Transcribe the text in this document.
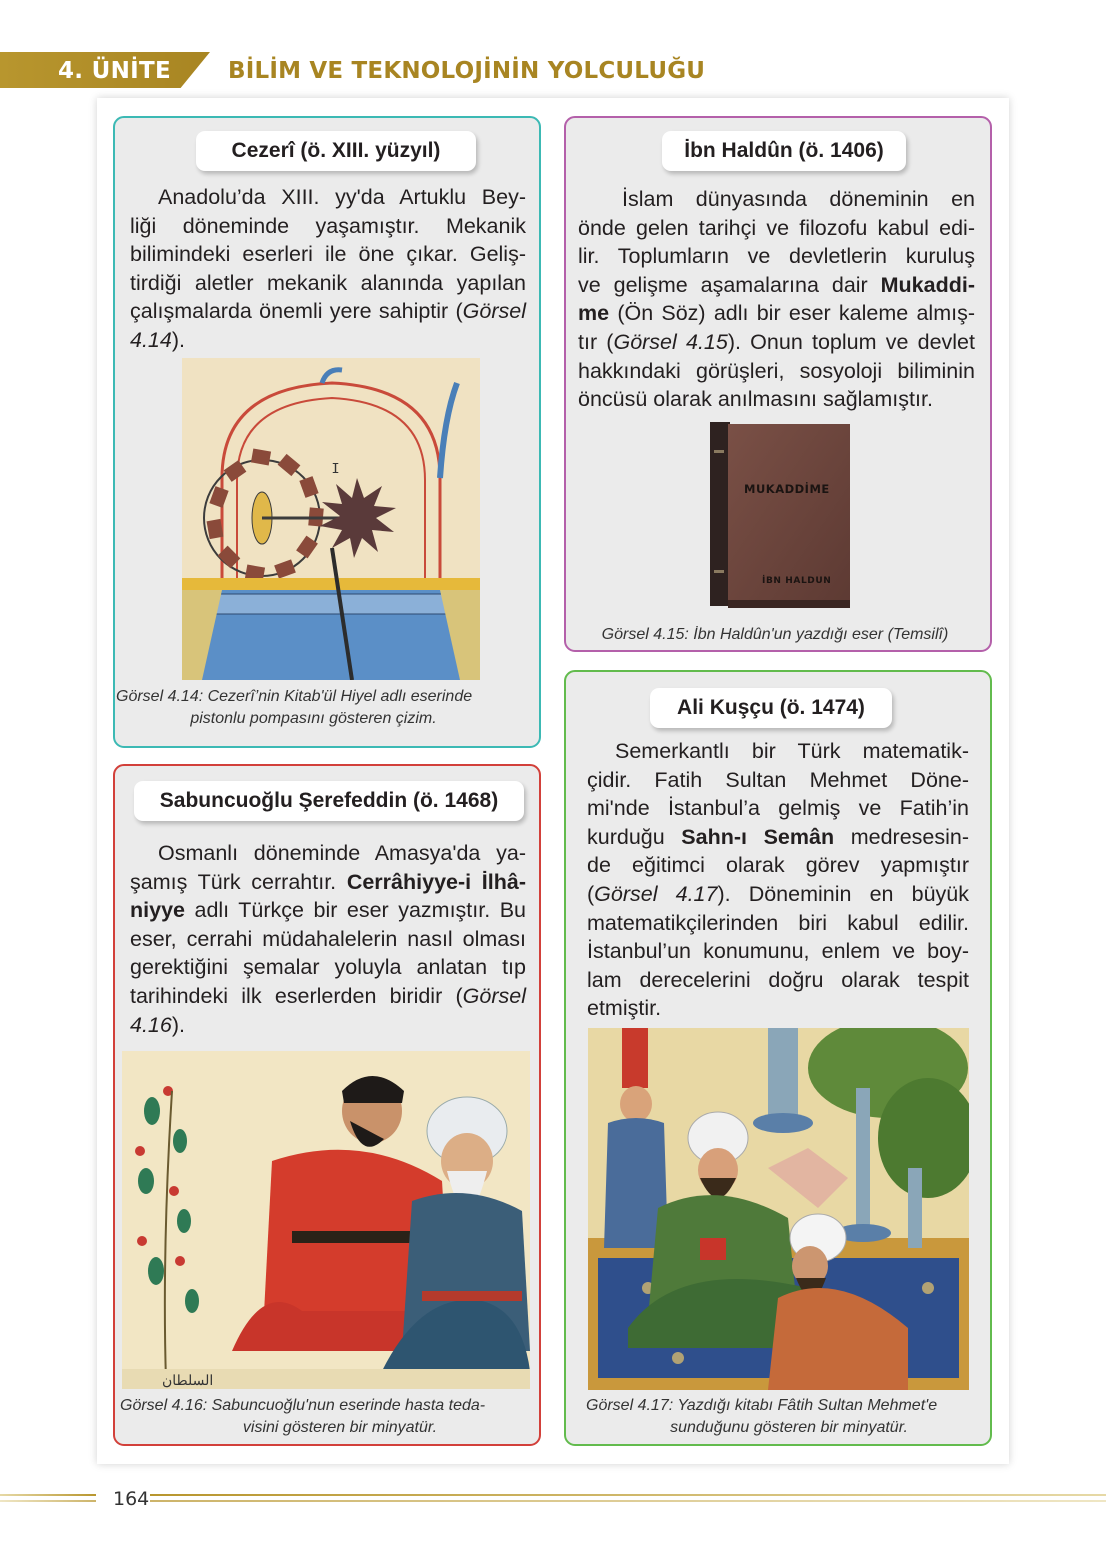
4. ÜNİTE BİLİM VE TEKNOLOJİNİN YOLCULUĞU
Cezerî (ö. XIII. yüzyıl)
Anadolu’da XIII. yy'da Artuklu Bey-
liği döneminde yaşamıştır. Mekanik
bilimindeki eserleri ile öne çıkar. Geliş-
tirdiği aletler mekanik alanında yapılan
çalışmalarda önemli yere sahiptir (Görsel
4.14).
ⵊ
Görsel 4.14: Cezerî’nin Kitab'ül Hiyel adlı eserinde
pistonlu pompasını gösteren çizim.
İbn Haldûn (ö. 1406)
İslam dünyasında döneminin en
önde gelen tarihçi ve filozofu kabul edi-
lir. Toplumların ve devletlerin kuruluş
ve gelişme aşamalarına dair Mukaddi-
me (Ön Söz) adlı bir eser kaleme almış-
tır (Görsel 4.15). Onun toplum ve devlet
hakkındaki görüşleri, sosyoloji biliminin
öncüsü olarak anılmasını sağlamıştır.
MUKADDİME
İBN HALDUN
Görsel 4.15: İbn Haldûn'un yazdığı eser (Temsilî)
Sabuncuoğlu Şerefeddin (ö. 1468)
Osmanlı döneminde Amasya'da ya-
şamış Türk cerrahtır. Cerrâhiyye-i İlhâ-
niyye adlı Türkçe bir eser yazmıştır. Bu
eser, cerrahi müdahalelerin nasıl olması
gerektiğini şemalar yoluyla anlatan tıp
tarihindeki ilk eserlerden biridir (Görsel
4.16).
ﺍﻟﺴﻠﻄﺎﻥ
Görsel 4.16: Sabuncuoğlu'nun eserinde hasta teda-
visini gösteren bir minyatür.
Ali Kuşçu (ö. 1474)
Semerkantlı bir Türk matematik-
çidir. Fatih Sultan Mehmet Döne-
mi'nde İstanbul’a gelmiş ve Fatih’in
kurduğu Sahn-ı Semân medresesin-
de eğitimci olarak görev yapmıştır
(Görsel 4.17). Döneminin en büyük
matematikçilerinden biri kabul edilir.
İstanbul’un konumunu, enlem ve boy-
lam derecelerini doğru olarak tespit
etmiştir.
Görsel 4.17: Yazdığı kitabı Fâtih Sultan Mehmet'e
sunduğunu gösteren bir minyatür.
164
